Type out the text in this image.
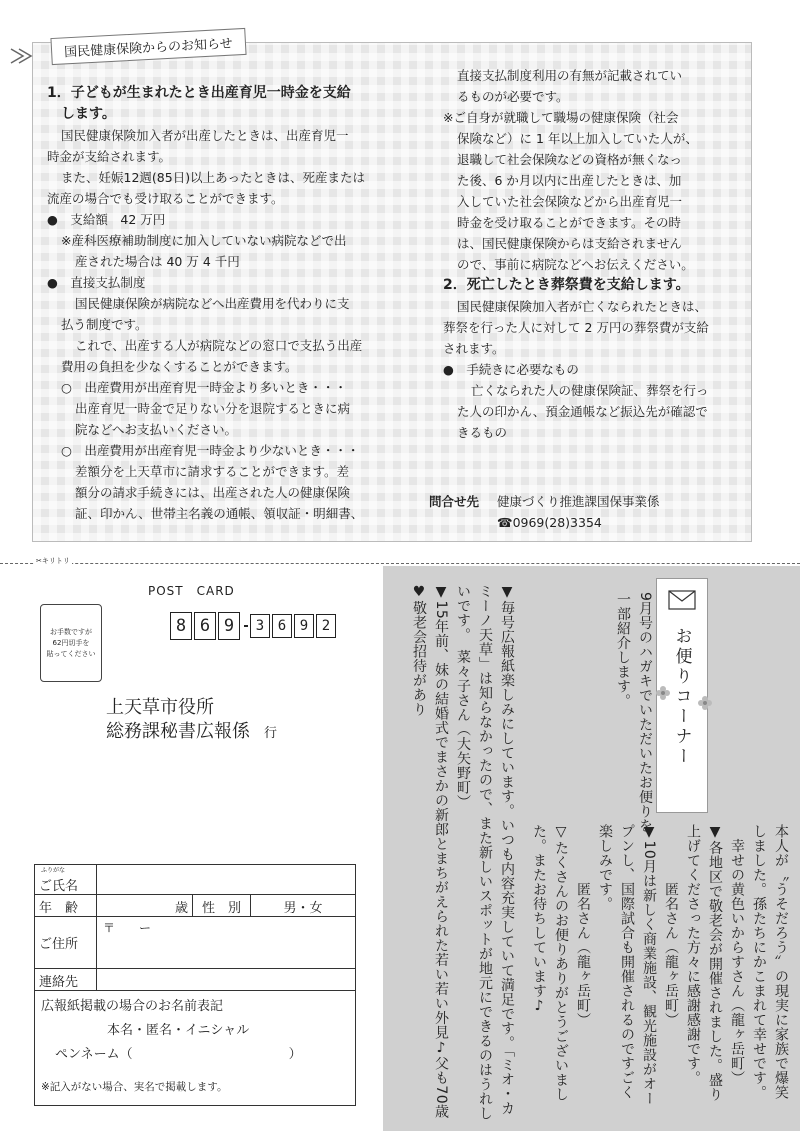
国民健康保険からのお知らせ
1．子どもが生まれたとき出産育児一時金を支給
します。
国民健康保険加入者が出産したときは、出産育児一
時金が支給されます。
また、妊娠12週(85日)以上あったときは、死産または
流産の場合でも受け取ることができます。
●　支給額　42 万円
※産科医療補助制度に加入していない病院などで出
産された場合は 40 万 4 千円
●　直接支払制度
国民健康保険が病院などへ出産費用を代わりに支
払う制度です。
これで、出産する人が病院などの窓口で支払う出産
費用の負担を少なくすることができます。
○　出産費用が出産育児一時金より多いとき・・・
出産育児一時金で足りない分を退院するときに病
院などへお支払いください。
○　出産費用が出産育児一時金より少ないとき・・・
差額分を上天草市に請求することができます。差
額分の請求手続きには、出産された人の健康保険
証、印かん、世帯主名義の通帳、領収証・明細書、
直接支払制度利用の有無が記載されてい
るものが必要です。
※ご自身が就職して職場の健康保険（社会
保険など）に 1 年以上加入していた人が、
退職して社会保険などの資格が無くなっ
た後、6 か月以内に出産したときは、加
入していた社会保険などから出産育児一
時金を受け取ることができます。その時
は、国民健康保険からは支給されません
ので、事前に病院などへお伝えください。
2．死亡したとき葬祭費を支給します。
国民健康保険加入者が亡くなられたときは、
葬祭を行った人に対して 2 万円の葬祭費が支給
されます。
●　手続きに必要なもの
亡くなられた人の健康保険証、葬祭を行っ
た人の印かん、預金通帳など振込先が確認で
きるもの
問合せ先 健康づくり推進課国保事業係
☎0969(28)3354
✂キリトリ
POST　CARD
お手数ですが
62円切手を
貼ってください
8 6 9	3 6 9 2
上天草市役所
総務課秘書広報係 行
ふりがな
ご氏名
年　齢	歳	性　別	男・女
ご住所
〒　　ー
連絡先
広報紙掲載の場合のお名前表記
本名・匿名・イニシャル
ペンネーム（　　　　　　　　　　　　）
※記入がない場合、実名で掲載します。	▼毎号広報紙楽しみにしています。いつも内容充実していて満足です。「ミオ・カミーノ天草」は知らなかったので、また新しいスポットが地元にできるのはうれしいです。　菜々子さん（大矢野町）

▼15年前、妹の結婚式でまさかの新郎とまちがえられた若い若い外見♪父も70歳♥敬老会招待があり	9月号のハガキでいただいたお便りを一部紹介します。	お便りコーナー

本人が〝うそだろう〟の現実に家族で爆笑しました。孫たちにかこまれて幸せです。

　幸せの黄色いからすさん（龍ヶ岳町）

▼各地区で敬老会が開催されました。盛り上げてくださった方々に感謝感謝です。

　　　　匿名さん（龍ヶ岳町）

▼10月は新しく商業施設、観光施設がオープンし、国際試合も開催されるのですごく楽しみです。

　　　　匿名さん（龍ヶ岳町）

▽たくさんのお便りありがとうございました。またお待ちしています♪
